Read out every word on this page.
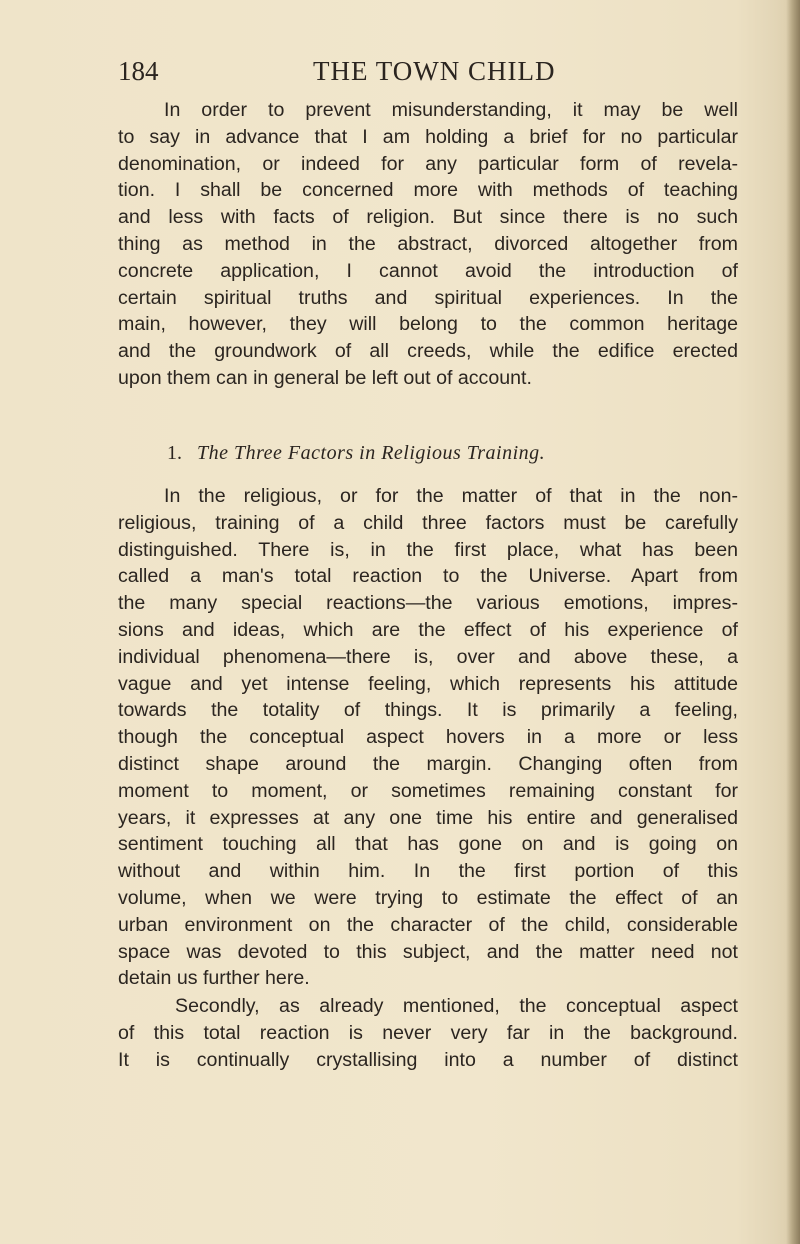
184	THE TOWN CHILD
In order to prevent misunderstanding, it may be well
to say in advance that I am holding a brief for no particular
denomination, or indeed for any particular form of revela-
tion. I shall be concerned more with methods of teaching
and less with facts of religion. But since there is no such
thing as method in the abstract, divorced altogether from
concrete application, I cannot avoid the introduction of
certain spiritual truths and spiritual experiences. In the
main, however, they will belong to the common heritage
and the groundwork of all creeds, while the edifice erected
upon them can in general be left out of account.
1. The Three Factors in Religious Training.
In the religious, or for the matter of that in the non-
religious, training of a child three factors must be carefully
distinguished. There is, in the first place, what has been
called a man's total reaction to the Universe. Apart from
the many special reactions—the various emotions, impres-
sions and ideas, which are the effect of his experience of
individual phenomena—there is, over and above these, a
vague and yet intense feeling, which represents his attitude
towards the totality of things. It is primarily a feeling,
though the conceptual aspect hovers in a more or less
distinct shape around the margin. Changing often from
moment to moment, or sometimes remaining constant for
years, it expresses at any one time his entire and generalised
sentiment touching all that has gone on and is going on
without and within him. In the first portion of this
volume, when we were trying to estimate the effect of an
urban environment on the character of the child, considerable
space was devoted to this subject, and the matter need not
detain us further here.
Secondly, as already mentioned, the conceptual aspect
of this total reaction is never very far in the background.
It is continually crystallising into a number of distinct
